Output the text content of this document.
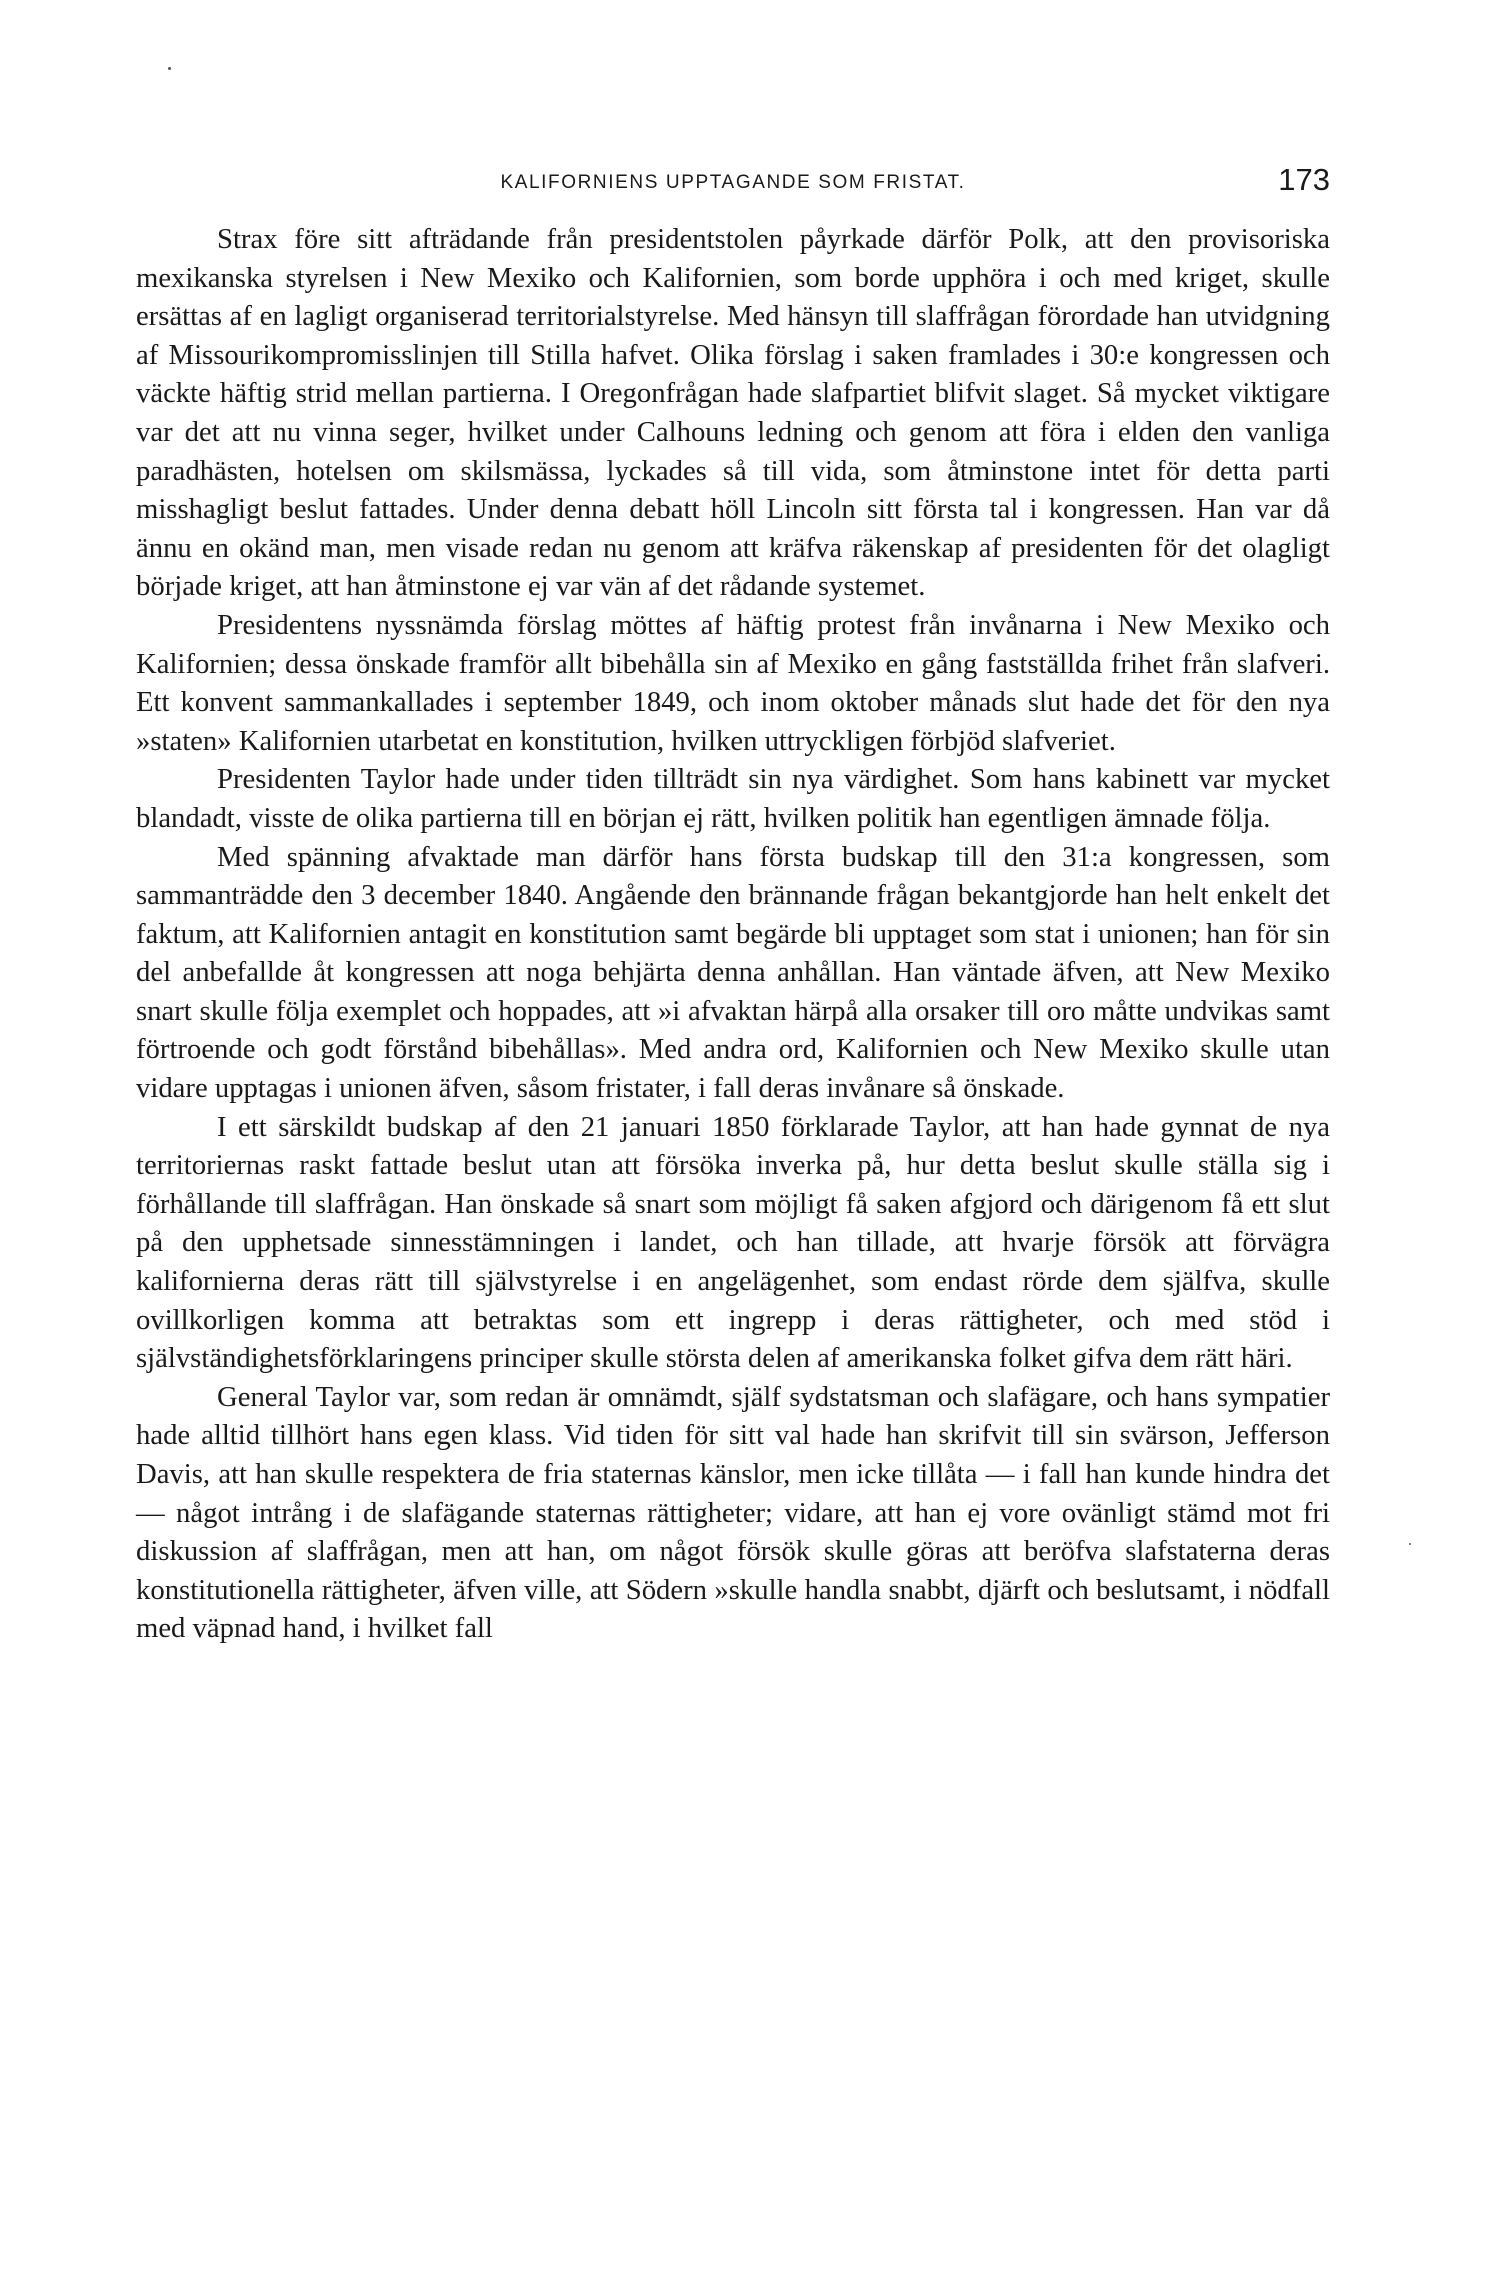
KALIFORNIENS UPPTAGANDE SOM FRISTAT.	173

Strax före sitt afträdande från presidentstolen påyrkade därför Polk, att den provisoriska mexikanska styrelsen i New Mexiko och Kalifornien, som borde upphöra i och med kriget, skulle ersättas af en lagligt organiserad territorialstyrelse. Med hänsyn till slaffrågan förordade han utvidgning af Missourikompromisslinjen till Stilla hafvet. Olika förslag i saken framlades i 30:e kongressen och väckte häftig strid mellan partierna. I Oregonfrågan hade slafpartiet blifvit slaget. Så mycket viktigare var det att nu vinna seger, hvilket under Calhouns ledning och genom att föra i elden den vanliga paradhästen, hotelsen om skilsmässa, lyckades så till vida, som åtminstone intet för detta parti misshagligt beslut fattades. Under denna debatt höll Lincoln sitt första tal i kongressen. Han var då ännu en okänd man, men visade redan nu genom att kräfva räkenskap af presidenten för det olagligt började kriget, att han åtminstone ej var vän af det rådande systemet.

Presidentens nyssnämda förslag möttes af häftig protest från invånarna i New Mexiko och Kalifornien; dessa önskade framför allt bibehålla sin af Mexiko en gång fastställda frihet från slafveri. Ett konvent sammankallades i september 1849, och inom oktober månads slut hade det för den nya »staten» Kalifornien utarbetat en konstitution, hvilken uttryckligen förbjöd slafveriet.

Presidenten Taylor hade under tiden tillträdt sin nya värdighet. Som hans kabinett var mycket blandadt, visste de olika partierna till en början ej rätt, hvilken politik han egentligen ämnade följa.

Med spänning afvaktade man därför hans första budskap till den 31:a kongressen, som sammanträdde den 3 december 1840. Angående den brännande frågan bekantgjorde han helt enkelt det faktum, att Kalifornien antagit en konstitution samt begärde bli upptaget som stat i unionen; han för sin del anbefallde åt kongressen att noga behjärta denna anhållan. Han väntade äfven, att New Mexiko snart skulle följa exemplet och hoppades, att »i afvaktan härpå alla orsaker till oro måtte undvikas samt förtroende och godt förstånd bibehållas». Med andra ord, Kalifornien och New Mexiko skulle utan vidare upptagas i unionen äfven, såsom fristater, i fall deras invånare så önskade.

I ett särskildt budskap af den 21 januari 1850 förklarade Taylor, att han hade gynnat de nya territoriernas raskt fattade beslut utan att försöka inverka på, hur detta beslut skulle ställa sig i förhållande till slaffrågan. Han önskade så snart som möjligt få saken afgjord och därigenom få ett slut på den upphetsade sinnesstämningen i landet, och han tillade, att hvarje försök att förvägra kalifornierna deras rätt till självstyrelse i en angelägenhet, som endast rörde dem själfva, skulle ovillkorligen komma att betraktas som ett ingrepp i deras rättigheter, och med stöd i självständighetsförklaringens principer skulle största delen af amerikanska folket gifva dem rätt häri.

General Taylor var, som redan är omnämdt, själf sydstatsman och slafägare, och hans sympatier hade alltid tillhört hans egen klass. Vid tiden för sitt val hade han skrifvit till sin svärson, Jefferson Davis, att han skulle respektera de fria staternas känslor, men icke tillåta — i fall han kunde hindra det — något intrång i de slafägande staternas rättigheter; vidare, att han ej vore ovänligt stämd mot fri diskussion af slaffrågan, men att han, om något försök skulle göras att beröfva slafstaterna deras konstitutionella rättigheter, äfven ville, att Södern »skulle handla snabbt, djärft och beslutsamt, i nödfall med väpnad hand, i hvilket fall
